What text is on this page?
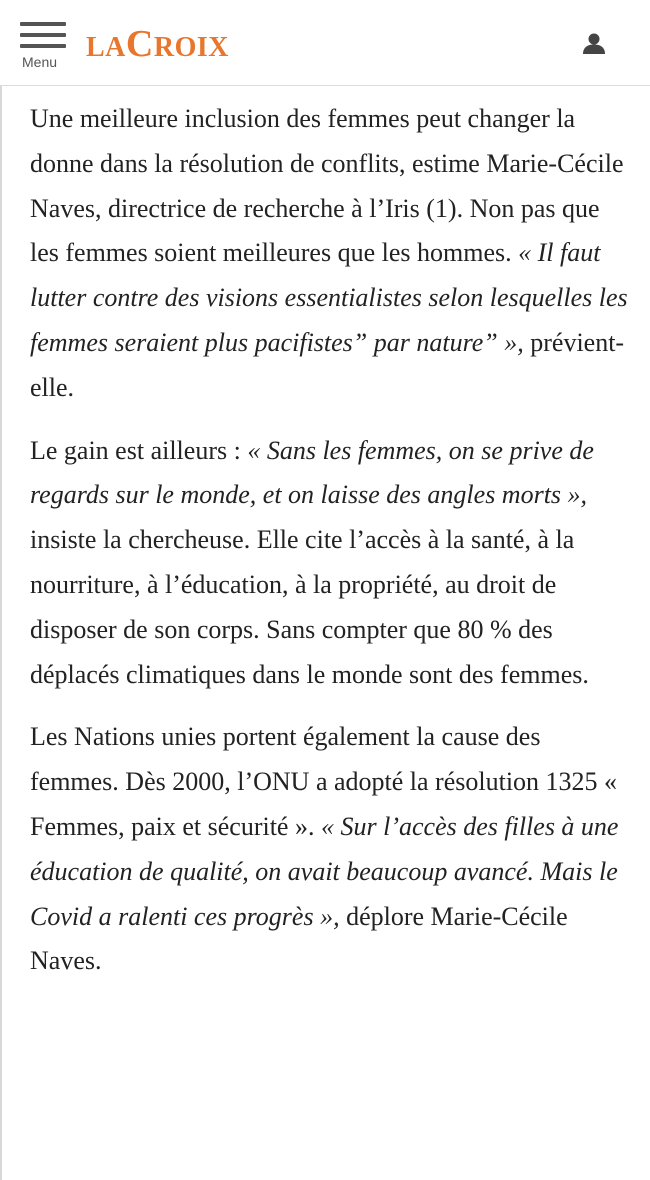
Menu LACROIX

Une meilleure inclusion des femmes peut changer la donne dans la résolution de conflits, estime Marie-Cécile Naves, directrice de recherche à l’Iris (1). Non pas que les femmes soient meilleures que les hommes. « Il faut lutter contre des visions essentialistes selon lesquelles les femmes seraient plus pacifistes” par nature” », prévient-elle.

Le gain est ailleurs : « Sans les femmes, on se prive de regards sur le monde, et on laisse des angles morts », insiste la chercheuse. Elle cite l’accès à la santé, à la nourriture, à l’éducation, à la propriété, au droit de disposer de son corps. Sans compter que 80 % des déplacés climatiques dans le monde sont des femmes.

Les Nations unies portent également la cause des femmes. Dès 2000, l’ONU a adopté la résolution 1325 « Femmes, paix et sécurité ». « Sur l’accès des filles à une éducation de qualité, on avait beaucoup avancé. Mais le Covid a ralenti ces progrès », déplore Marie-Cécile Naves.
